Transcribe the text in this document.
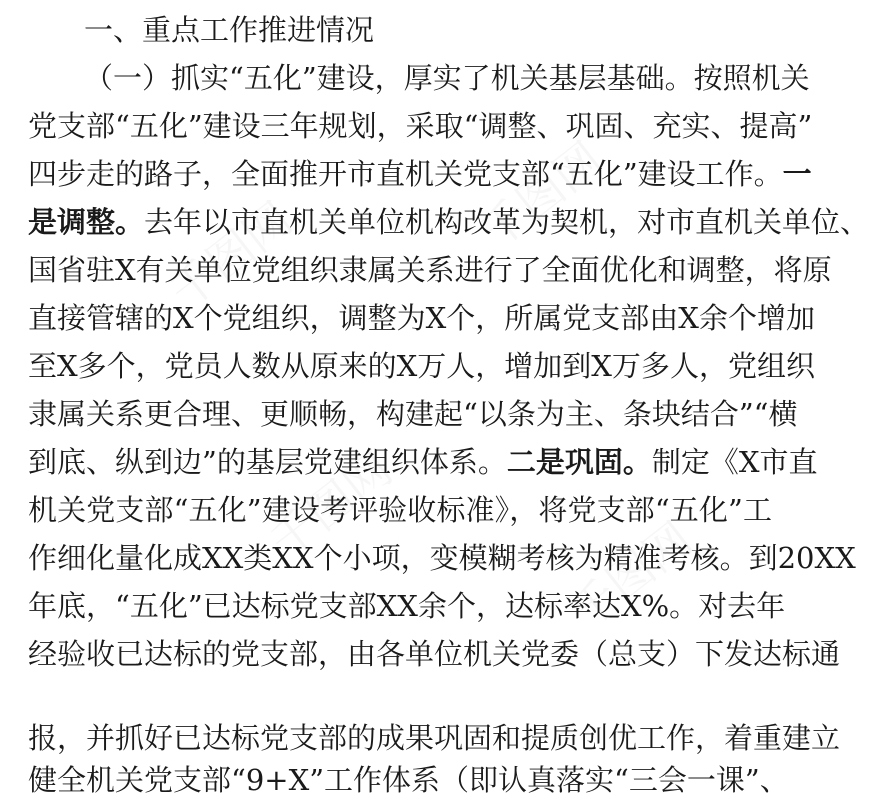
千图网	千图网
千图网
千图网
一、重点工作推进情况
（一）抓实“五化”建设，厚实了机关基层基础。按照机关
党支部“五化”建设三年规划，采取“调整、巩固、充实、提高”
四步走的路子，全面推开市直机关党支部“五化”建设工作。一
是调整。去年以市直机关单位机构改革为契机，对市直机关单位、
国省驻X有关单位党组织隶属关系进行了全面优化和调整，将原
直接管辖的X个党组织，调整为X个，所属党支部由X余个增加
至X多个，党员人数从原来的X万人，增加到X万多人，党组织
隶属关系更合理、更顺畅，构建起“以条为主、条块结合”“横
到底、纵到边”的基层党建组织体系。二是巩固。制定《X市直
机关党支部“五化”建设考评验收标准》，将党支部“五化”工
作细化量化成XX类XX个小项，变模糊考核为精准考核。到20XX
年底，“五化”已达标党支部XX余个，达标率达X%。对去年
经验收已达标的党支部，由各单位机关党委（总支）下发达标通
报，并抓好已达标党支部的成果巩固和提质创优工作，着重建立
健全机关党支部“9+X”工作体系（即认真落实“三会一课”、
